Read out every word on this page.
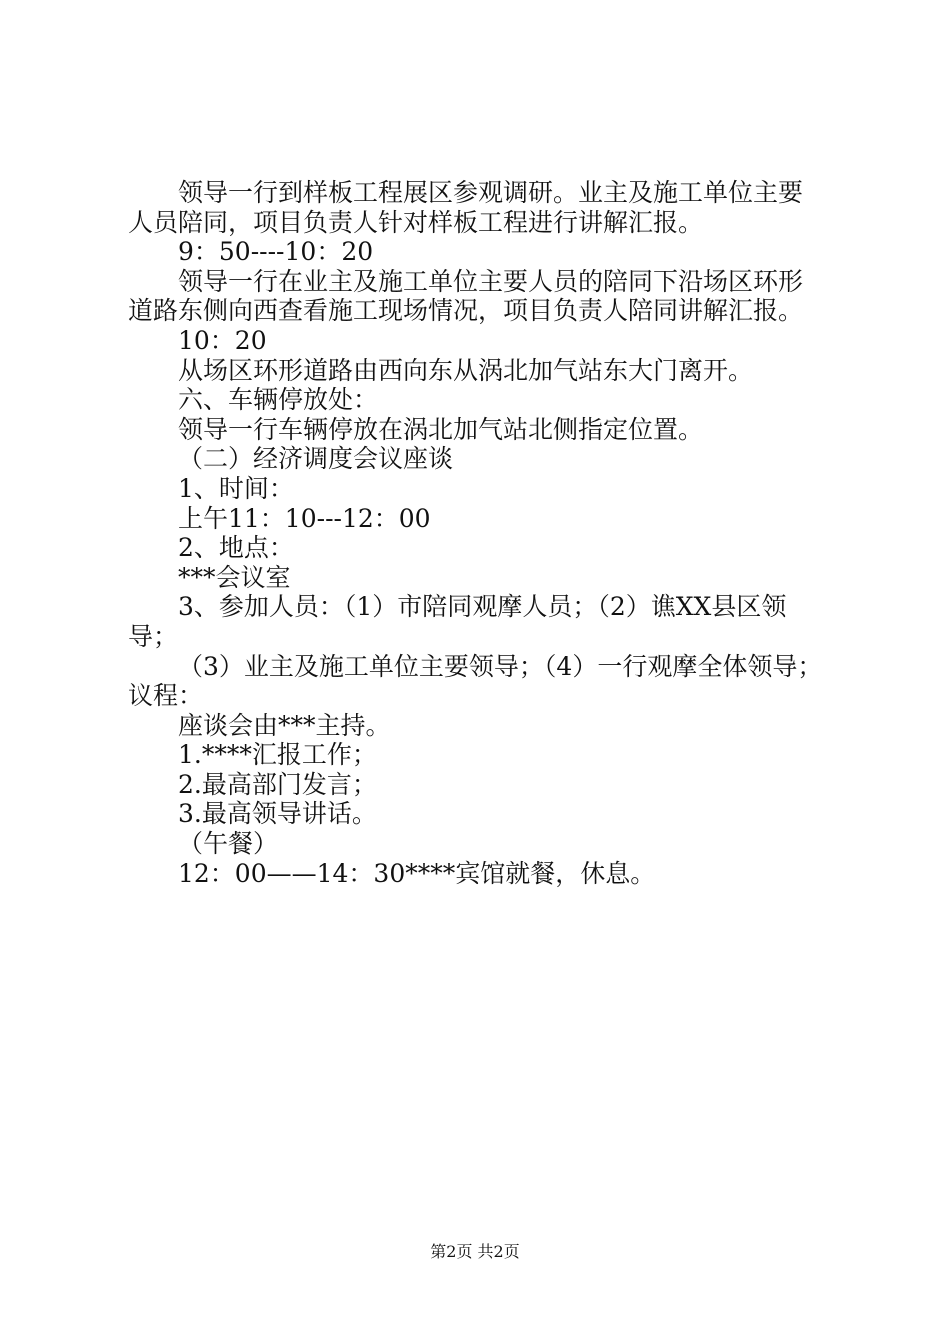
领导一行到样板工程展区参观调研。业主及施工单位主要
人员陪同，项目负责人针对样板工程进行讲解汇报。
9：50----10：20
领导一行在业主及施工单位主要人员的陪同下沿场区环形
道路东侧向西查看施工现场情况，项目负责人陪同讲解汇报。
10：20
从场区环形道路由西向东从涡北加气站东大门离开。
六、车辆停放处：
领导一行车辆停放在涡北加气站北侧指定位置。
（二）经济调度会议座谈
1、时间：
上午11：10---12：00
2、地点：
***会议室
3、参加人员：（1）市陪同观摩人员；（2）谯XX县区领
导；
（3）业主及施工单位主要领导；（4）一行观摩全体领导；
议程：
座谈会由***主持。
1.****汇报工作；
2.最高部门发言；
3.最高领导讲话。
（午餐）
12：00——14：30****宾馆就餐，休息。
第2页 共2页
